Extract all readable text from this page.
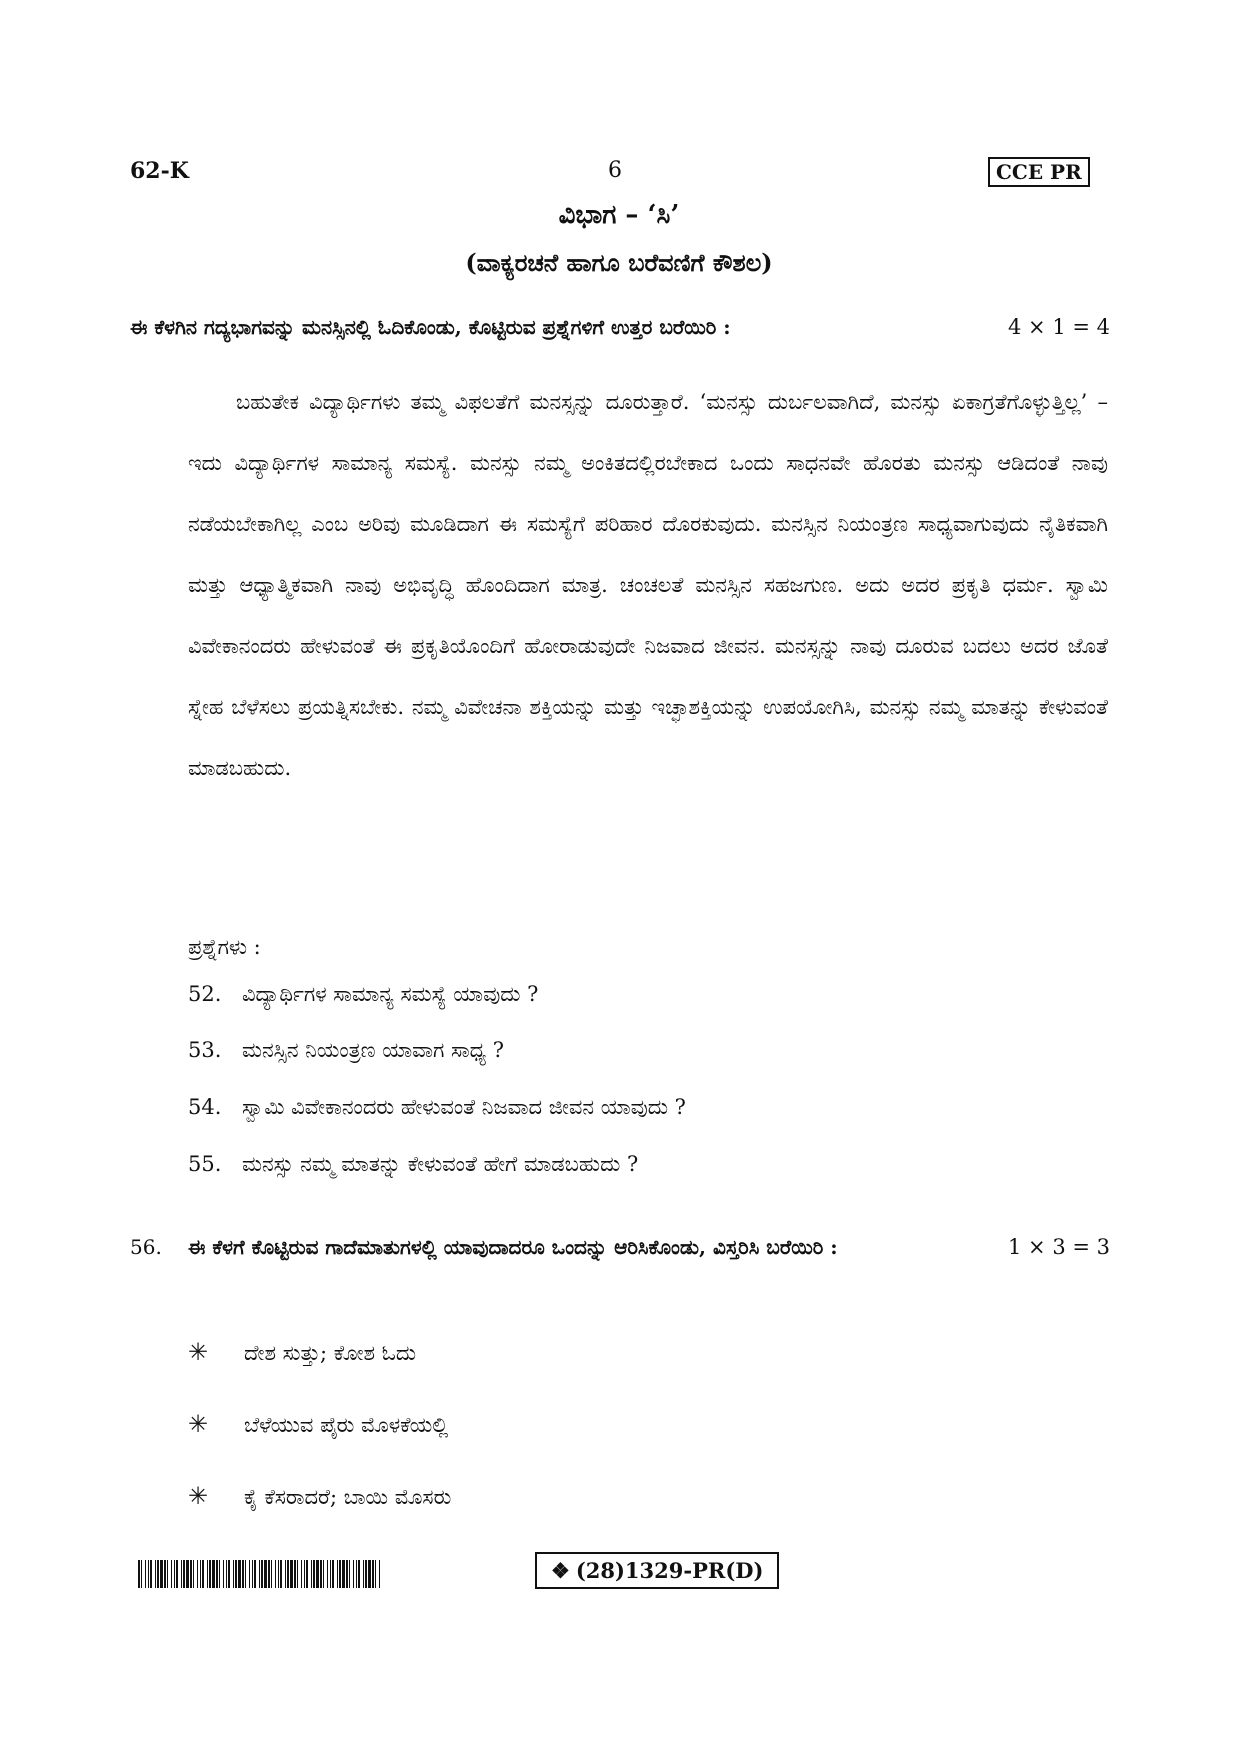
62-K	6	CCE PR
ವಿಭಾಗ – ‘ಸಿ’
(ವಾಕ್ಯರಚನೆ ಹಾಗೂ ಬರೆವಣಿಗೆ ಕೌಶಲ)
ಈ ಕೆಳಗಿನ ಗದ್ಯಭಾಗವನ್ನು ಮನಸ್ಸಿನಲ್ಲಿ ಓದಿಕೊಂಡು, ಕೊಟ್ಟಿರುವ ಪ್ರಶ್ನೆಗಳಿಗೆ ಉತ್ತರ ಬರೆಯಿರಿ :	4 × 1 = 4

ಬಹುತೇಕ ವಿದ್ಯಾರ್ಥಿಗಳು ತಮ್ಮ ವಿಫಲತೆಗೆ ಮನಸ್ಸನ್ನು ದೂರುತ್ತಾರೆ. ‘ಮನಸ್ಸು ದುರ್ಬಲವಾಗಿದೆ, ಮನಸ್ಸು ಏಕಾಗ್ರತೆಗೊಳ್ಳುತ್ತಿಲ್ಲ’ – ಇದು ವಿದ್ಯಾರ್ಥಿಗಳ ಸಾಮಾನ್ಯ ಸಮಸ್ಯೆ. ಮನಸ್ಸು ನಮ್ಮ ಅಂಕಿತದಲ್ಲಿರಬೇಕಾದ ಒಂದು ಸಾಧನವೇ ಹೊರತು ಮನಸ್ಸು ಆಡಿದಂತೆ ನಾವು ನಡೆಯಬೇಕಾಗಿಲ್ಲ ಎಂಬ ಅರಿವು ಮೂಡಿದಾಗ ಈ ಸಮಸ್ಯೆಗೆ ಪರಿಹಾರ ದೊರಕುವುದು. ಮನಸ್ಸಿನ ನಿಯಂತ್ರಣ ಸಾಧ್ಯವಾಗುವುದು ನೈತಿಕವಾಗಿ ಮತ್ತು ಆಧ್ಯಾತ್ಮಿಕವಾಗಿ ನಾವು ಅಭಿವೃದ್ಧಿ ಹೊಂದಿದಾಗ ಮಾತ್ರ. ಚಂಚಲತೆ ಮನಸ್ಸಿನ ಸಹಜಗುಣ. ಅದು ಅದರ ಪ್ರಕೃತಿ ಧರ್ಮ. ಸ್ವಾಮಿ ವಿವೇಕಾನಂದರು ಹೇಳುವಂತೆ ಈ ಪ್ರಕೃತಿಯೊಂದಿಗೆ ಹೋರಾಡುವುದೇ ನಿಜವಾದ ಜೀವನ. ಮನಸ್ಸನ್ನು ನಾವು ದೂರುವ ಬದಲು ಅದರ ಜೊತೆ ಸ್ನೇಹ ಬೆಳೆಸಲು ಪ್ರಯತ್ನಿಸಬೇಕು. ನಮ್ಮ ವಿವೇಚನಾ ಶಕ್ತಿಯನ್ನು ಮತ್ತು ಇಚ್ಛಾಶಕ್ತಿಯನ್ನು ಉಪಯೋಗಿಸಿ, ಮನಸ್ಸು ನಮ್ಮ ಮಾತನ್ನು ಕೇಳುವಂತೆ ಮಾಡಬಹುದು.

ಪ್ರಶ್ನೆಗಳು :
52. ವಿದ್ಯಾರ್ಥಿಗಳ ಸಾಮಾನ್ಯ ಸಮಸ್ಯೆ ಯಾವುದು ?
53. ಮನಸ್ಸಿನ ನಿಯಂತ್ರಣ ಯಾವಾಗ ಸಾಧ್ಯ ?
54. ಸ್ವಾಮಿ ವಿವೇಕಾನಂದರು ಹೇಳುವಂತೆ ನಿಜವಾದ ಜೀವನ ಯಾವುದು ?
55. ಮನಸ್ಸು ನಮ್ಮ ಮಾತನ್ನು ಕೇಳುವಂತೆ ಹೇಗೆ ಮಾಡಬಹುದು ?
56. ಈ ಕೆಳಗೆ ಕೊಟ್ಟಿರುವ ಗಾದೆಮಾತುಗಳಲ್ಲಿ ಯಾವುದಾದರೂ ಒಂದನ್ನು ಆರಿಸಿಕೊಂಡು, ವಿಸ್ತರಿಸಿ ಬರೆಯಿರಿ :	1 × 3 = 3
✳ ದೇಶ ಸುತ್ತು; ಕೋಶ ಓದು
✳ ಬೆಳೆಯುವ ಪೈರು ಮೊಳಕೆಯಲ್ಲಿ
✳ ಕೈ ಕೆಸರಾದರೆ; ಬಾಯಿ ಮೊಸರು
❖ (28)1329-PR(D)
